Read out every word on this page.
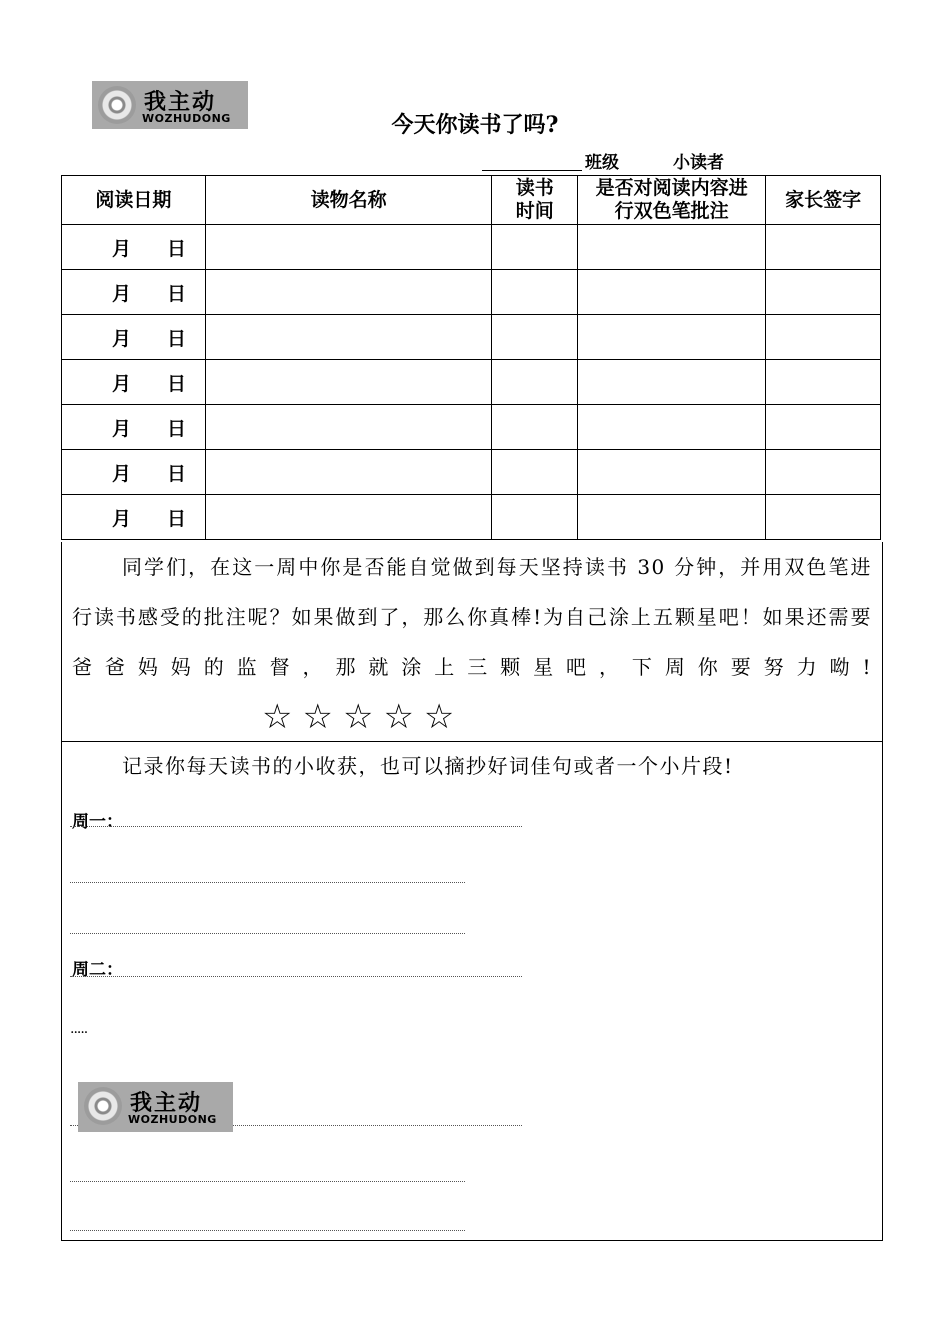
我主动
WOZHUDONG	今天你读书了吗?
班级	小读者
阅读日期	读物名称	读书时间	是否对阅读内容进行双色笔批注	家长签字
月 日				
月 日				
月 日				
月 日				
月 日				
月 日				
月 日				
同学们，在这一周中你是否能自觉做到每天坚持读书 30 分钟，并用双色笔进行读书感受的批注呢？如果做到了，那么你真棒!为自己涂上五颗星吧！如果还需要爸爸妈妈的监督，那就涂上三颗星吧，下周你要努力呦!☆☆☆☆☆
记录你每天读书的小收获，也可以摘抄好词佳句或者一个小片段!
周一：
周二：
.....
我主动
WOZHUDONG
